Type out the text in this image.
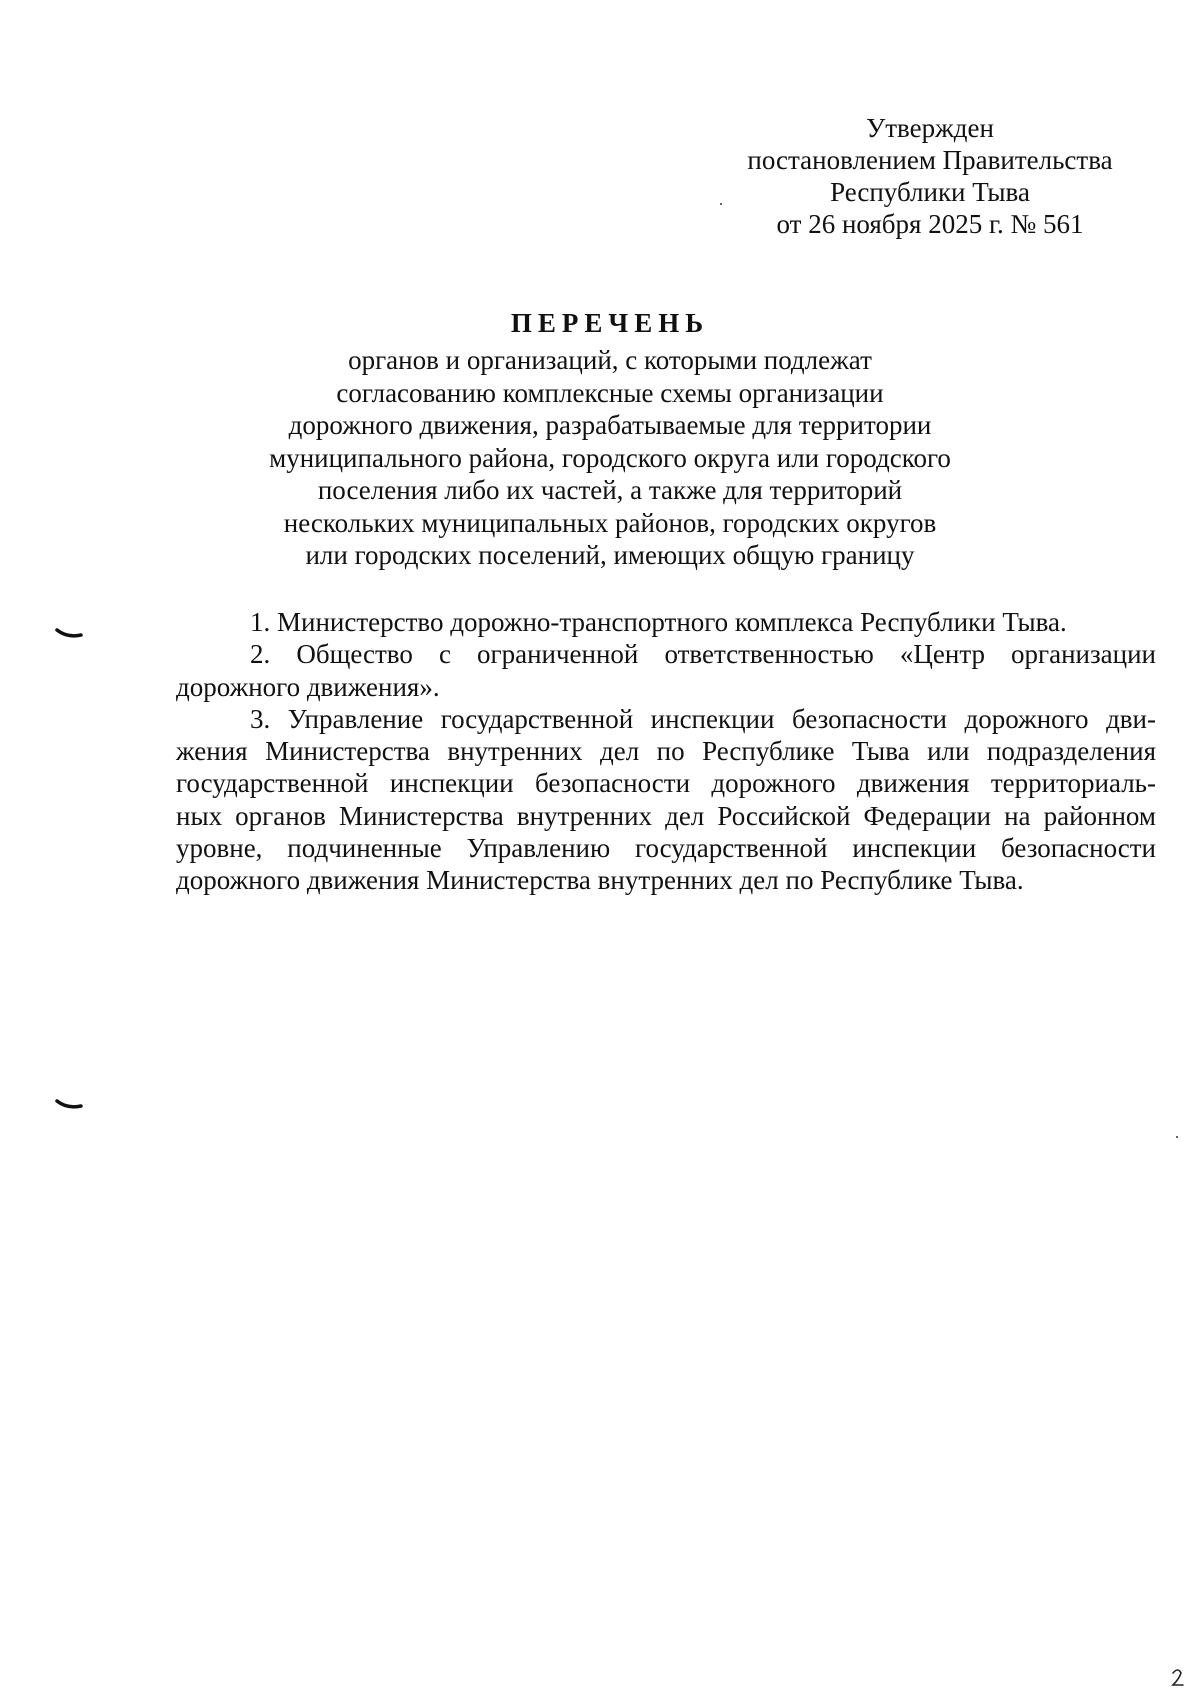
Утвержден
постановлением Правительства
Республики Тыва
от 26 ноября 2025 г. № 561
ПЕРЕЧЕНЬ
органов и организаций, с которыми подлежат
согласованию комплексные схемы организации
дорожного движения, разрабатываемые для территории
муниципального района, городского округа или городского
поселения либо их частей, а также для территорий
нескольких муниципальных районов, городских округов
или городских поселений, имеющих общую границу

1. Министерство дорожно-транспортного комплекса Республики Тыва.

2. Общество с ограниченной ответственностью «Центр организации
дорожного движения».

3. Управление государственной инспекции безопасности дорожного дви-
жения Министерства внутренних дел по Республике Тыва или подразделения
государственной инспекции безопасности дорожного движения территориаль-
ных органов Министерства внутренних дел Российской Федерации на районном
уровне, подчиненные Управлению государственной инспекции безопасности
дорожного движения Министерства внутренних дел по Республике Тыва.
